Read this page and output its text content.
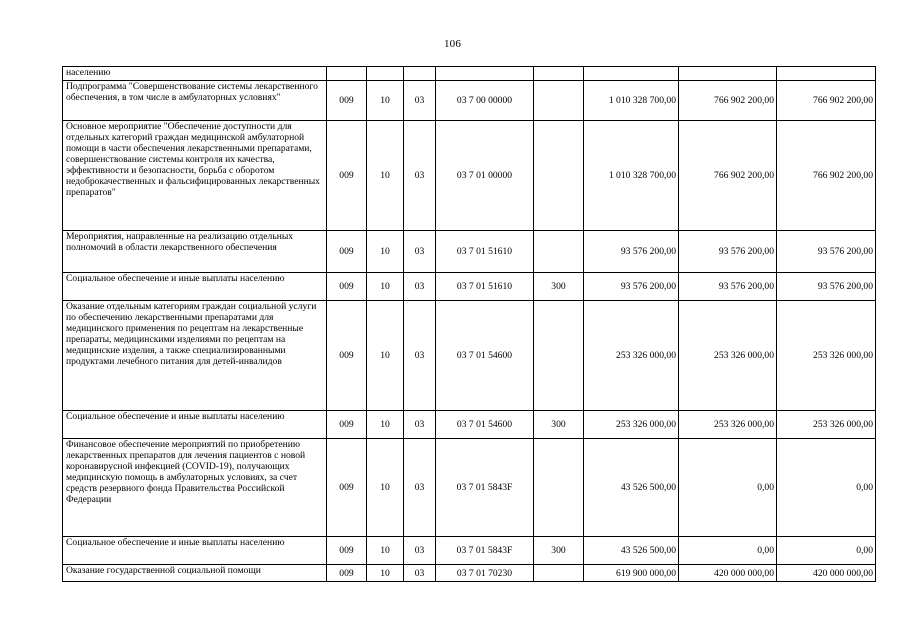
106
населению								
Подпрограмма "Совершенствование системы лекарственного обеспечения, в том числе в амбулаторных условиях"	009	10	03	03 7 00 00000		1 010 328 700,00	766 902 200,00	766 902 200,00
Основное мероприятие "Обеспечение доступности для отдельных категорий граждан медицинской амбулаторной помощи в части обеспечения лекарственными препаратами, совершенствование системы контроля их качества, эффективности и безопасности, борьба с оборотом недоброкачественных и фальсифицированных лекарственных препаратов"	009	10	03	03 7 01 00000		1 010 328 700,00	766 902 200,00	766 902 200,00
Мероприятия, направленные на реализацию отдельных полномочий в области лекарственного обеспечения	009	10	03	03 7 01 51610		93 576 200,00	93 576 200,00	93 576 200,00
Социальное обеспечение и иные выплаты населению	009	10	03	03 7 01 51610	300	93 576 200,00	93 576 200,00	93 576 200,00
Оказание отдельным категориям граждан социальной услуги по обеспечению лекарственными препаратами для медицинского применения по рецептам на лекарственные препараты, медицинскими изделиями по рецептам на медицинские изделия, а также специализированными продуктами лечебного питания для детей-инвалидов	009	10	03	03 7 01 54600		253 326 000,00	253 326 000,00	253 326 000,00
Социальное обеспечение и иные выплаты населению	009	10	03	03 7 01 54600	300	253 326 000,00	253 326 000,00	253 326 000,00
Финансовое обеспечение мероприятий по приобретению лекарственных препаратов для лечения пациентов с новой коронавирусной инфекцией (COVID-19), получающих медицинскую помощь в амбулаторных условиях, за счет средств резервного фонда Правительства Российской Федерации	009	10	03	03 7 01 5843F		43 526 500,00	0,00	0,00
Социальное обеспечение и иные выплаты населению	009	10	03	03 7 01 5843F	300	43 526 500,00	0,00	0,00
Оказание государственной социальной помощи	009	10	03	03 7 01 70230		619 900 000,00	420 000 000,00	420 000 000,00
